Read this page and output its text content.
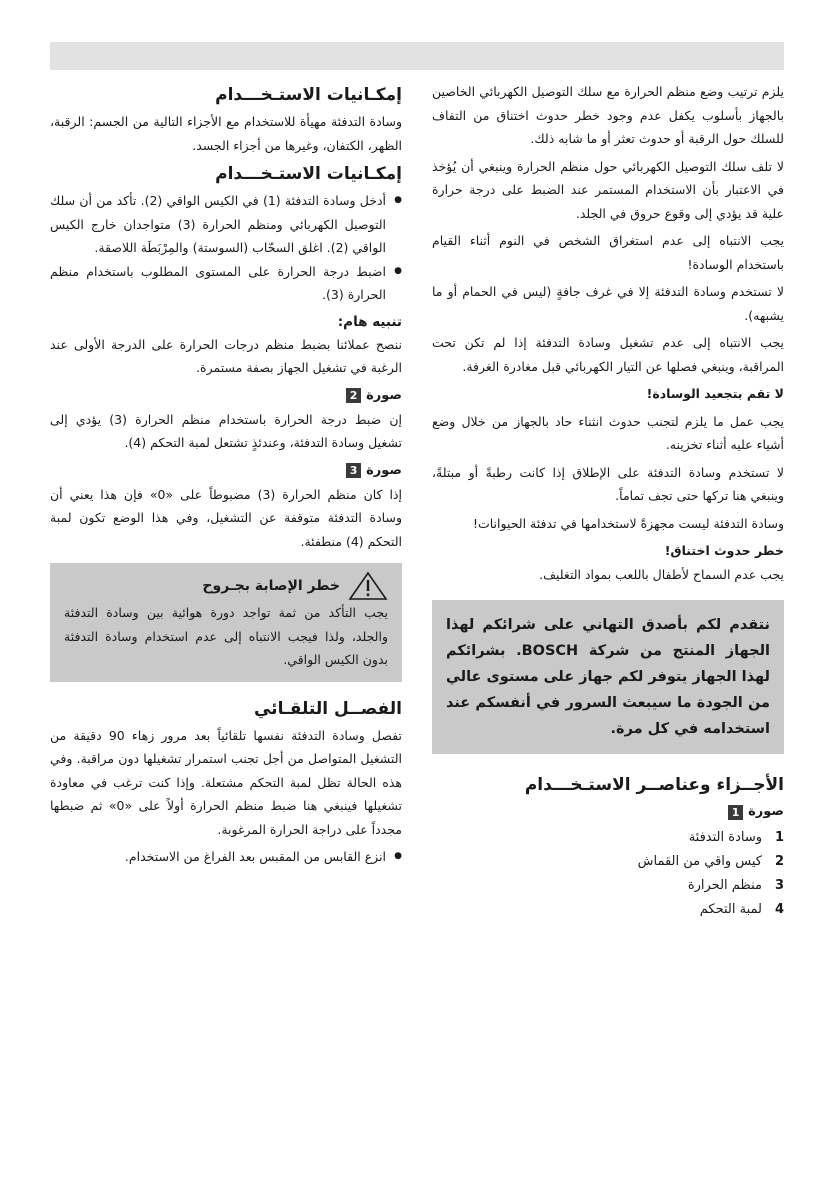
يلزم ترتيب وضع منظم الحرارة مع سلك التوصيل الكهربائي الخاصين بالجهاز بأسلوب يكفل عدم وجود خطر حدوث اختناق من التفاف للسلك حول الرقبة أو حدوث تعثر أو ما شابه ذلك.

لا تلف سلك التوصيل الكهربائي حول منظم الحرارة وينبغي أن يُؤخذ في الاعتبار بأن الاستخدام المستمر عند الضبط على درجة حرارة علية قد يؤدي إلى وقوع حروق في الجلد.

يجب الانتباه إلى عدم استغراق الشخص في النوم أثناء القيام باستخدام الوسادة!

لا تستخدم وسادة التدفئة إلا في غرف جافةٍ (ليس في الحمام أو ما يشبهه).

يجب الانتباه إلى عدم تشغيل وسادة التدفئة إذا لم تكن تحت المراقبة، وينبغي فصلها عن التيار الكهربائي قبل مغادرة الغرفة.

لا تقم بتجعيد الوسادة!

يجب عمل ما يلزم لتجنب حدوث انثناء حاد بالجهاز من خلال وضع أشياء عليه أثناء تخزينه.

لا تستخدم وسادة التدفئة على الإطلاق إذا كانت رطبةً أو مبتلةً، وينبغي هنا تركها حتى تجف تماماً.

وسادة التدفئة ليست مجهزةً لاستخدامها في تدفئة الحيوانات!

خطر حدوث اختناق!

يجب عدم السماح لأطفال باللعب بمواد التغليف.

نتقدم لكم بأصدق التهاني على شرائكم لهذا الجهاز المنتج من شركة BOSCH. بشرائكم لهذا الجهاز يتوفر لكم جهاز على مستوى عالي من الجودة ما سيبعث السرور في أنفسكم عند استخدامه في كل مرة.

الأجــزاء وعناصــر الاستـخـــدام
صورة
1
1
وسادة التدفئة
2
كيس واقي من القماش
3
منظم الحرارة
4
لمبة التحكم
إمكـانيات الاستـخـــدام

وسادة التدفئة مهيأة للاستخدام مع الأجزاء التالية من الجسم: الرقبة، الظهر، الكتفان، وغيرها من أجزاء الجسد.

إمكـانيات الاستـخـــدام
● أدخل وسادة التدفئة (1) في الكيس الواقي (2). تأكد من أن سلك التوصيل الكهربائي ومنظم الحرارة (3) متواجدان خارج الكيس الواقي (2). اغلق السحّاب (السوستة) والمِرْبَطَة اللاصقة.
● اضبط درجة الحرارة على المستوى المطلوب باستخدام منظم الحرارة (3).
تنبيه هام:

ننصح عملائنا بضبط منظم درجات الحرارة على الدرجة الأولى عند الرغبة في تشغيل الجهاز بصفة مستمرة.

صورة
2

إن ضبط درجة الحرارة باستخدام منظم الحرارة (3) يؤدي إلى تشغيل وسادة التدفئة، وعندئذٍ تشتعل لمبة التحكم (4).

صورة
3

إذا كان منظم الحرارة (3) مضبوطاً على «0» فإن هذا يعني أن وسادة التدفئة متوقفة عن التشغيل، وفي هذا الوضع تكون لمبة التحكم (4) منطفئة.

خطر الإصابة بجـروح

يجب التأكد من ثمة تواجد دورة هوائية بين وسادة التدفئة والجلد، ولذا فيجب الانتباه إلى عدم استخدام وسادة التدفئة بدون الكيس الواقي.

الفصــل التلقـائي

تفصل وسادة التدفئة نفسها تلقائياً بعد مرور زهاء 90 دقيقة من التشغيل المتواصل من أجل تجنب استمرار تشغيلها دون مراقبة. وفي هذه الحالة تظل لمبة التحكم مشتعلة. وإذا كنت ترغب في معاودة تشغيلها فينبغي هنا ضبط منظم الحرارة أولاً على «0» ثم ضبطها مجدداً على دراجة الحرارة المرغوبة.

● انزع القابس من المقبس بعد الفراغ من الاستخدام.
